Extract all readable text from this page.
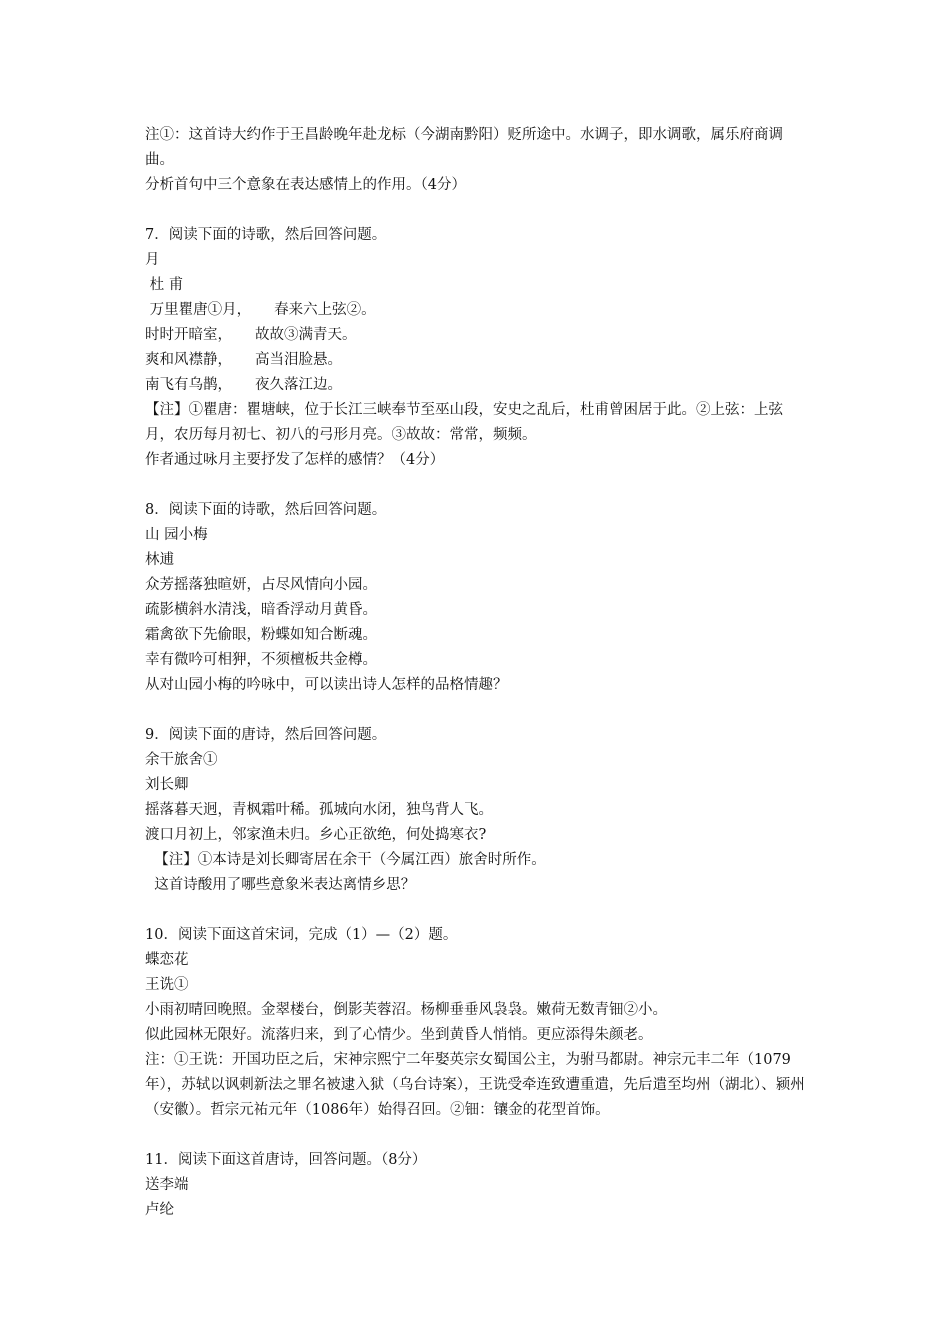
注①：这首诗大约作于王昌龄晚年赴龙标（今湖南黔阳）贬所途中。水调子，即水调歌，属乐府商调曲。
分析首句中三个意象在表达感情上的作用。（4分）
7．阅读下面的诗歌，然后回答问题。
月
杜 甫
万里瞿唐①月，     春来六上弦②。
时时开暗室，     故故③满青天。
爽和风襟静，     高当泪脸悬。
南飞有乌鹊，     夜久落江边。
【注】①瞿唐：瞿塘峡，位于长江三峡奉节至巫山段，安史之乱后，杜甫曾困居于此。②上弦：上弦月，农历每月初七、初八的弓形月亮。③故故：常常，频频。
作者通过咏月主要抒发了怎样的感情？（4分）
8．阅读下面的诗歌，然后回答问题。
山 园小梅
林逋
众芳摇落独暄妍，占尽风情向小园。
疏影横斜水清浅，暗香浮动月黄昏。
霜禽欲下先偷眼，粉蝶如知合断魂。
幸有微吟可相狎，不须檀板共金樽。
从对山园小梅的吟咏中，可以读出诗人怎样的品格情趣？
9．阅读下面的唐诗，然后回答问题。
余干旅舍①
刘长卿
摇落暮天迥，青枫霜叶稀。孤城向水闭，独鸟背人飞。
渡口月初上，邻家渔未归。乡心正欲绝，何处捣寒衣?
【注】①本诗是刘长卿寄居在余干（今属江西）旅舍时所作。
这首诗酸用了哪些意象米表达离情乡思？
10．阅读下面这首宋词，完成（1）—（2）题。
蝶恋花
王诜①
小雨初晴回晚照。金翠楼台，倒影芙蓉沼。杨柳垂垂风袅袅。嫩荷无数青钿②小。
似此园林无限好。流落归来，到了心情少。坐到黄昏人悄悄。更应添得朱颜老。
注：①王诜：开国功臣之后，宋神宗熙宁二年娶英宗女蜀国公主，为驸马都尉。神宗元丰二年（1079年），苏轼以讽刺新法之罪名被逮入狱（乌台诗案），王诜受牵连致遭重遣，先后遣至均州（湖北）、颍州（安徽）。哲宗元祐元年（1086年）始得召回。②钿：镶金的花型首饰。
11．阅读下面这首唐诗，回答问题。（8分）
送李端
卢纶
